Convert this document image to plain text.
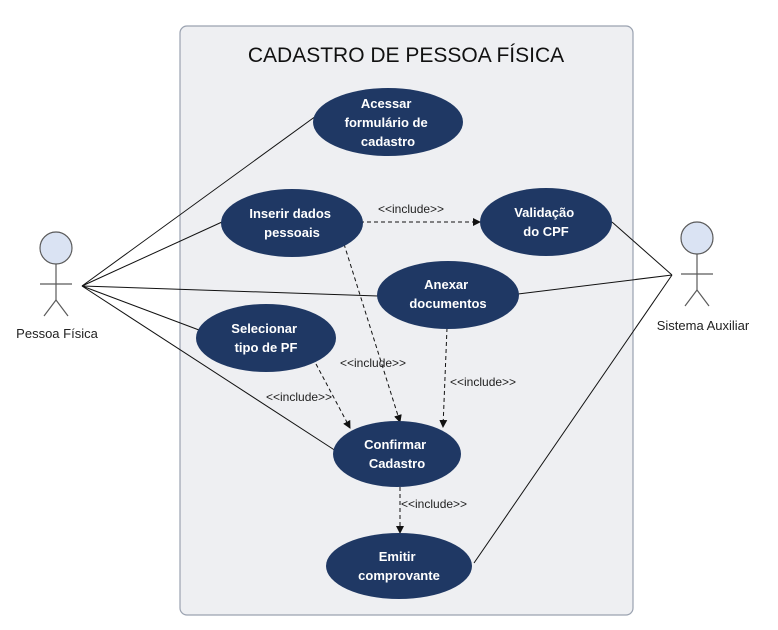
CADASTRO DE PESSOA FÍSICA
<<include>>
<<include>>
<<include>>
<<include>>
<<include>>
Acessar formulário de cadastro
Inserir dados pessoais
Validação do CPF
Anexar documentos
Selecionar tipo de PF
Confirmar Cadastro
Emitir comprovante
Pessoa Física
Sistema Auxiliar
